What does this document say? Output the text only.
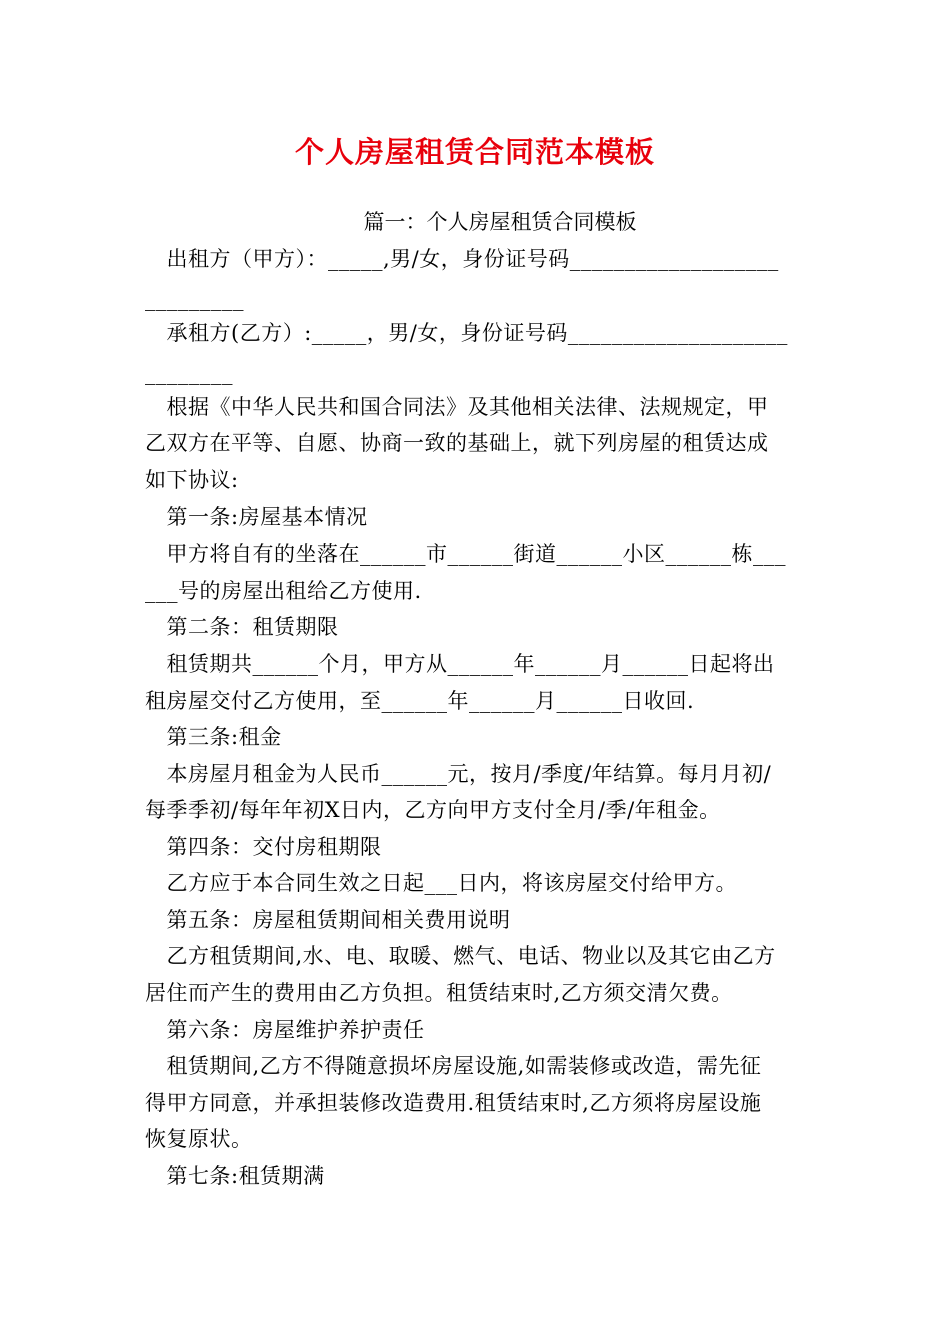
个人房屋租赁合同范本模板
篇一：个人房屋租赁合同模板
　出租方（甲方）：_____,男/女，身份证号码___________________
_________
　承租方(乙方）:_____，男/女，身份证号码____________________
________
　根据《中华人民共和国合同法》及其他相关法律、法规规定，甲
乙双方在平等、自愿、协商一致的基础上，就下列房屋的租赁达成
如下协议:
　第一条:房屋基本情况
　甲方将自有的坐落在______市______街道______小区______栋___
___号的房屋出租给乙方使用.
　第二条：租赁期限
　租赁期共______个月，甲方从______年______月______日起将出
租房屋交付乙方使用，至______年______月______日收回.
　第三条:租金
　本房屋月租金为人民币______元，按月/季度/年结算。每月月初/
每季季初/每年年初X日内，乙方向甲方支付全月/季/年租金。
　第四条：交付房租期限
　乙方应于本合同生效之日起___日内，将该房屋交付给甲方。
　第五条：房屋租赁期间相关费用说明
　乙方租赁期间,水、电、取暖、燃气、电话、物业以及其它由乙方
居住而产生的费用由乙方负担。租赁结束时,乙方须交清欠费。
　第六条：房屋维护养护责任
　租赁期间,乙方不得随意损坏房屋设施,如需装修或改造，需先征
得甲方同意，并承担装修改造费用.租赁结束时,乙方须将房屋设施
恢复原状。
　第七条:租赁期满
